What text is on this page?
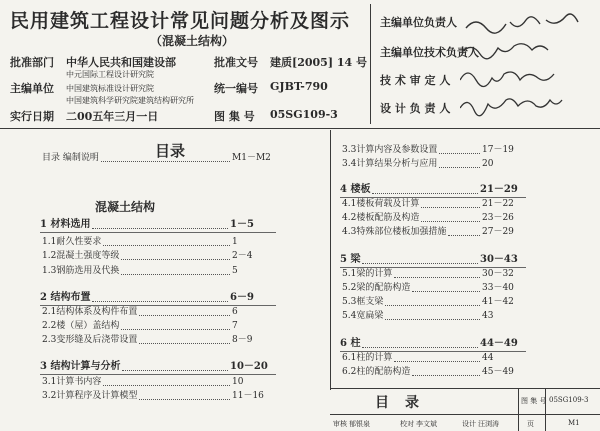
民用建筑工程设计常见问题分析及图示
（混凝土结构）
批准部门 中华人民共和国建设部	批准文号 建质[2005] 14 号
主编单位
中元国际工程设计研究院
中国建筑标准设计研究院
中国建筑科学研究院建筑结构研究所
统一编号 GJBT-790
实行日期 二00五年三月一日	图 集 号 05SG109-3
主编单位负责人
主编单位技术负责人
技 术 审 定 人
设 计 负 责 人
目录
混凝土结构
目录 编制说明	M1－M2
1 材料选用	1－5
1.1耐久性要求	1
1.2混凝土强度等级	2－4
1.3钢筋选用及代换	5
2 结构布置	6－9
2.1结构体系及构件布置	6
2.2楼（屋）盖结构	7
2.3变形缝及后浇带设置	8－9
3 结构计算与分析	10－20
3.1计算书内容	10
3.2计算程序及计算模型	11－16
3.3计算内容及参数设置	17－19
3.4计算结果分析与应用	20
4 楼板	21－29
4.1楼板荷载及计算	21－22
4.2楼板配筋及构造	23－26
4.3特殊部位楼板加强措施	27－29
5 梁	30－43
5.1梁的计算	30－32
5.2梁的配筋构造	33－40
5.3框支梁	41－42
5.4宽扁梁	43
6 柱	44－49
6.1柱的计算	44
6.2柱的配筋构造	45－49
目录	图 集 号 05SG109-3
页	M1
审核 郁银泉	校对 李文斌	设计 汪浏涛
